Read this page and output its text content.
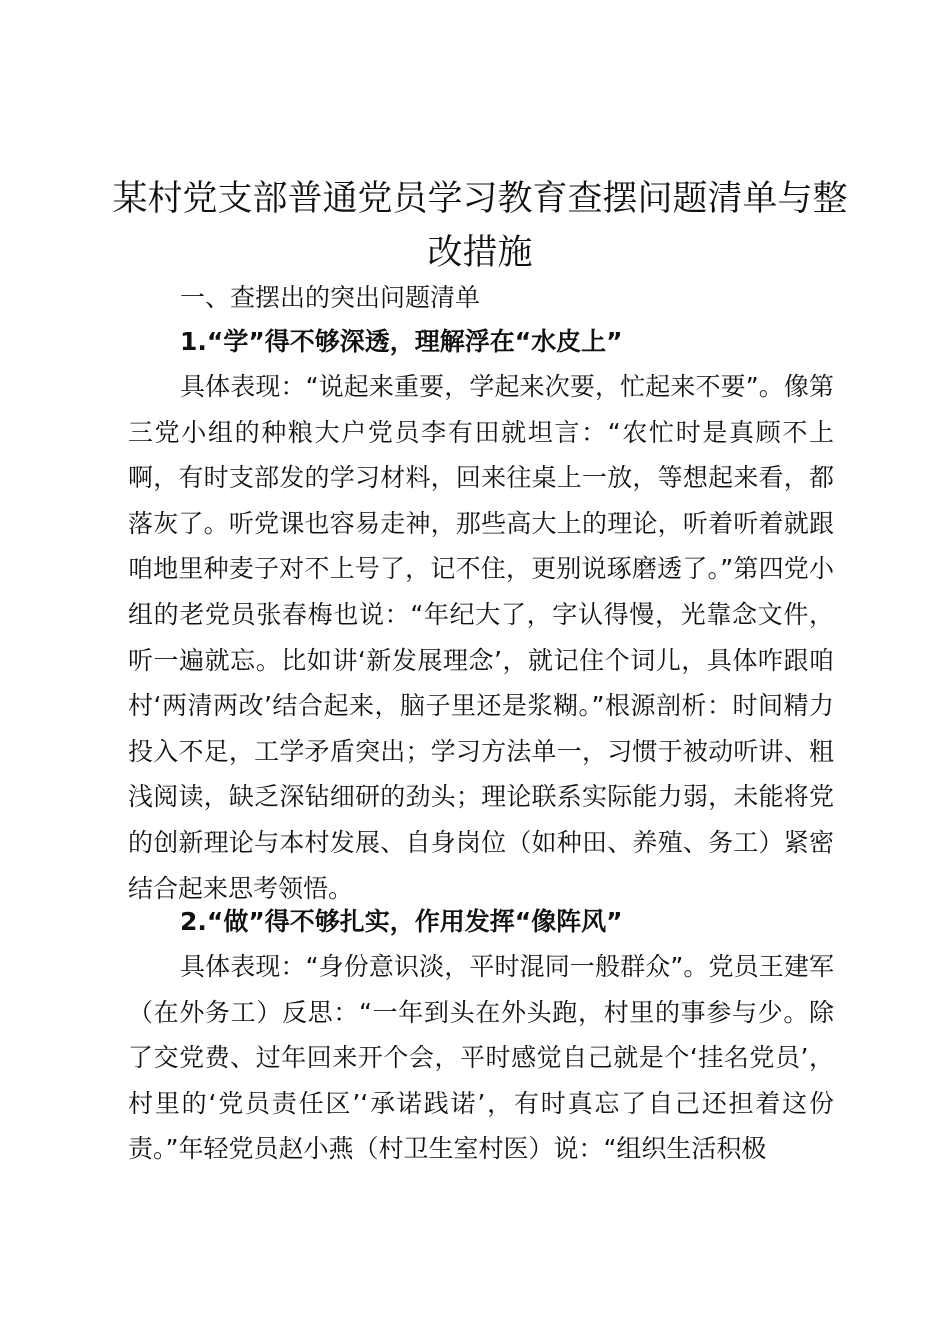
某村党支部普通党员学习教育查摆问题清单与整改措施

一、查摆出的突出问题清单

1.“学”得不够深透，理解浮在“水皮上”

具体表现：“说起来重要，学起来次要，忙起来不要”。像第三党小组的种粮大户党员李有田就坦言：“农忙时是真顾不上啊，有时支部发的学习材料，回来往桌上一放，等想起来看，都落灰了。听党课也容易走神，那些高大上的理论，听着听着就跟咱地里种麦子对不上号了，记不住，更别说琢磨透了。”第四党小组的老党员张春梅也说：“年纪大了，字认得慢，光靠念文件，听一遍就忘。比如讲‘新发展理念’，就记住个词儿，具体咋跟咱村‘两清两改’结合起来，脑子里还是浆糊。”根源剖析：时间精力投入不足，工学矛盾突出；学习方法单一，习惯于被动听讲、粗浅阅读，缺乏深钻细研的劲头；理论联系实际能力弱，未能将党的创新理论与本村发展、自身岗位（如种田、养殖、务工）紧密结合起来思考领悟。

2.“做”得不够扎实，作用发挥“像阵风”

具体表现：“身份意识淡，平时混同一般群众”。党员王建军（在外务工）反思：“一年到头在外头跑，村里的事参与少。除了交党费、过年回来开个会，平时感觉自己就是个‘挂名党员’，村里的‘党员责任区’‘承诺践诺’，有时真忘了自己还担着这份责。”年轻党员赵小燕（村卫生室村医）说：“组织生活积极
